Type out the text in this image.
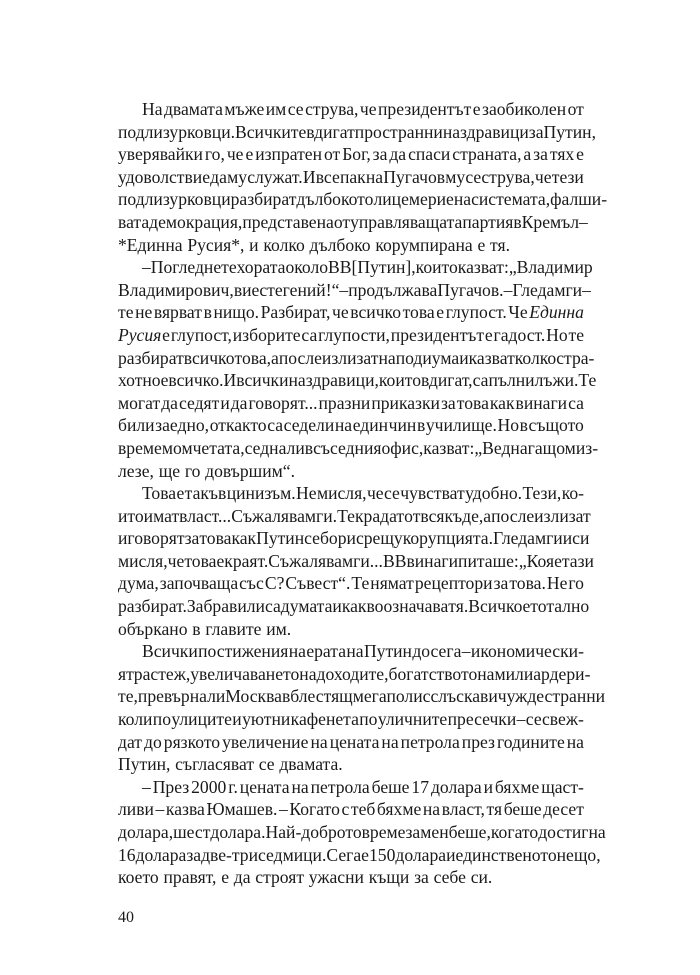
На двамата мъже им се струва, че президентът е заобиколен от
подлизурковци. Всички те вдигат пространни наздравици за Путин,
уверявайки го, че е изпратен от Бог, за да спаси страната, а за тях е
удоволствие да му служат. И все пак на Пугачов му се струва, че тези
подлизурковци разбират дълбокото лицемерие на системата, фалши-
вата демокрация, представена от управляващата партия в Кремъл –
*Единна Русия*, и колко дълбоко корумпирана е тя.
– Погледнете хората около ВВ [Путин], които казват: „Владимир
Владимирович, вие сте гений!“ – продължава Пугачов. – Гледам ги –
те не вярват в нищо. Разбират, че всичко това е глупост. Че Единна
Русия е глупост, изборите са глупости, президентът е гадост. Но те
разбират всичко това, а после излизат на подиума и казват колко стра-
хотно е всичко. И всички наздравици, които вдигат, са пълни лъжи. Те
могат да седят и да говорят... празни приказки за това как винаги са
били заедно, откакто са седели на един чин в училище. Но в същото
време момчетата, седнали в съседния офис, казват: „Веднага щом из-
лезе, ще го довършим“.
Това е такъв цинизъм. Не мисля, че се чувстват удобно. Тези, ко-
ито имат власт... Съжалявам ги. Те крадат отвсякъде, а после излизат
и говорят за това как Путин се бори срещу корупцията. Гледам ги и си
мисля, че това е краят. Съжалявам ги... ВВ винаги питаше: „Коя е тази
дума, започваща със С? Съвест“. Те нямат рецептори за това. Не го
разбират. Забравили са думата и какво означава тя. Всичко е тотално
объркано в главите им.
Всички постижения на ерата на Путин досега – икономически-
ят растеж, увеличаването на доходите, богатството на милиардери-
те, превърнали Москва в блестящ мегаполис с лъскави чуждестранни
коли по улиците и уютни кафенета по уличните пресечки – се свеж-
дат до рязкото увеличение на цената на петрола през годините на
Путин, съгласяват се двамата.
– През 2000 г. цената на петрола беше 17 долара и бяхме щаст-
ливи – казва Юмашев. – Когато с теб бяхме на власт, тя беше десет
долара, шест долара. Най-доброто време за мен беше, когато достигна
16 долара за две-три седмици. Сега е 150 долара и единственото нещо,
което правят, е да строят ужасни къщи за себе си.
40
